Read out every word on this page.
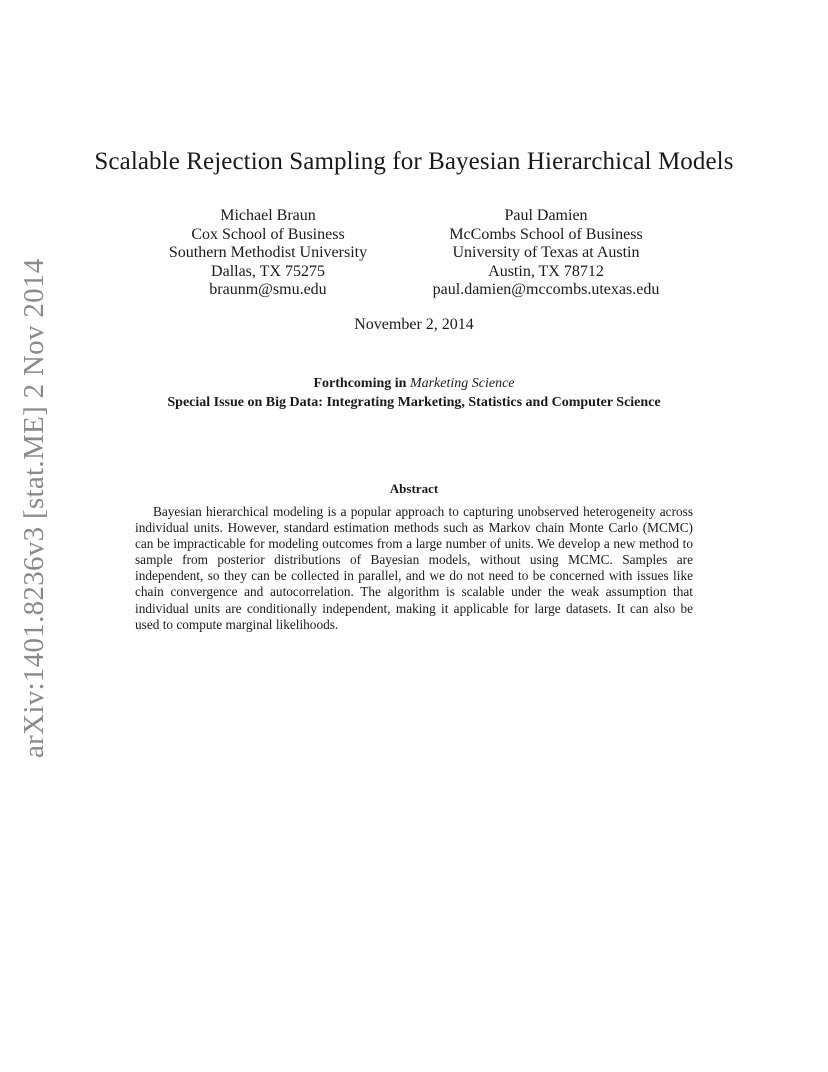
arXiv:1401.8236v3 [stat.ME] 2 Nov 2014
Scalable Rejection Sampling for Bayesian Hierarchical Models
Michael Braun
Cox School of Business
Southern Methodist University
Dallas, TX 75275
braunm@smu.edu
Paul Damien
McCombs School of Business
University of Texas at Austin
Austin, TX 78712
paul.damien@mccombs.utexas.edu
November 2, 2014
Forthcoming in Marketing Science
Special Issue on Big Data: Integrating Marketing, Statistics and Computer Science
Abstract
Bayesian hierarchical modeling is a popular approach to capturing unobserved heterogeneity across individual units. However, standard estimation methods such as Markov chain Monte Carlo (MCMC) can be impracticable for modeling outcomes from a large number of units. We develop a new method to sample from posterior distributions of Bayesian models, without using MCMC. Samples are independent, so they can be collected in parallel, and we do not need to be concerned with issues like chain convergence and autocorrelation. The algorithm is scalable under the weak assumption that individual units are conditionally independent, making it applicable for large datasets. It can also be used to compute marginal likelihoods.
